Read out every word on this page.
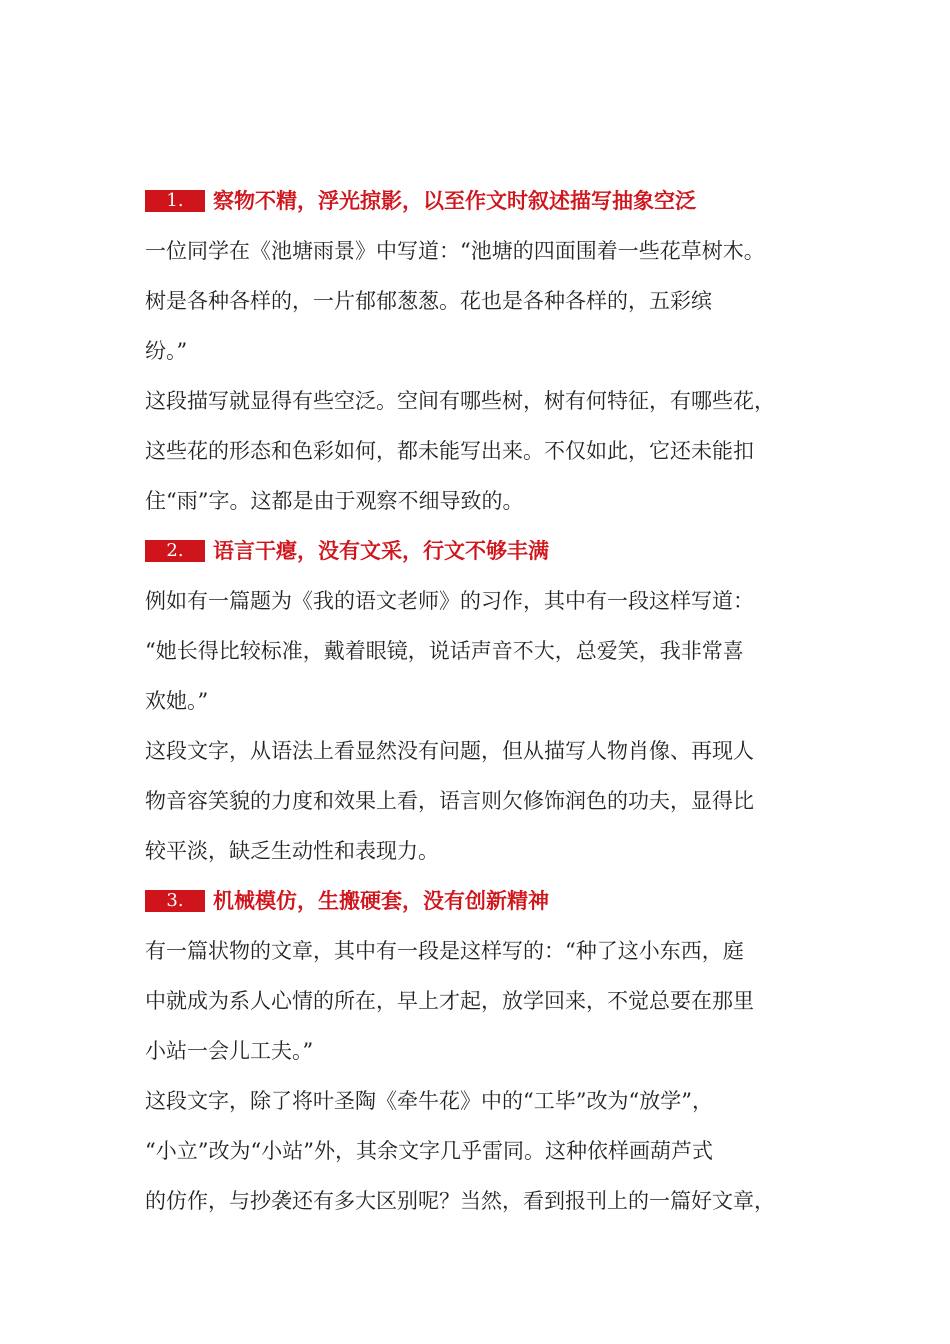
1.	察物不精，浮光掠影，以至作文时叙述描写抽象空泛
一位同学在《池塘雨景》中写道：“池塘的四面围着一些花草树木。
树是各种各样的，一片郁郁葱葱。花也是各种各样的，五彩缤
纷。”
这段描写就显得有些空泛。空间有哪些树，树有何特征，有哪些花，
这些花的形态和色彩如何，都未能写出来。不仅如此，它还未能扣
住“雨”字。这都是由于观察不细导致的。
2.	语言干瘪，没有文采，行文不够丰满
例如有一篇题为《我的语文老师》的习作，其中有一段这样写道：
“她长得比较标准，戴着眼镜，说话声音不大，总爱笑，我非常喜
欢她。”
这段文字，从语法上看显然没有问题，但从描写人物肖像、再现人
物音容笑貌的力度和效果上看，语言则欠修饰润色的功夫，显得比
较平淡，缺乏生动性和表现力。
3.	机械模仿，生搬硬套，没有创新精神
有一篇状物的文章，其中有一段是这样写的：“种了这小东西，庭
中就成为系人心情的所在，早上才起，放学回来，不觉总要在那里
小站一会儿工夫。”
这段文字，除了将叶圣陶《牵牛花》中的“工毕”改为“放学”，
“小立”改为“小站”外，其余文字几乎雷同。这种依样画葫芦式
的仿作，与抄袭还有多大区别呢？当然，看到报刊上的一篇好文章，
